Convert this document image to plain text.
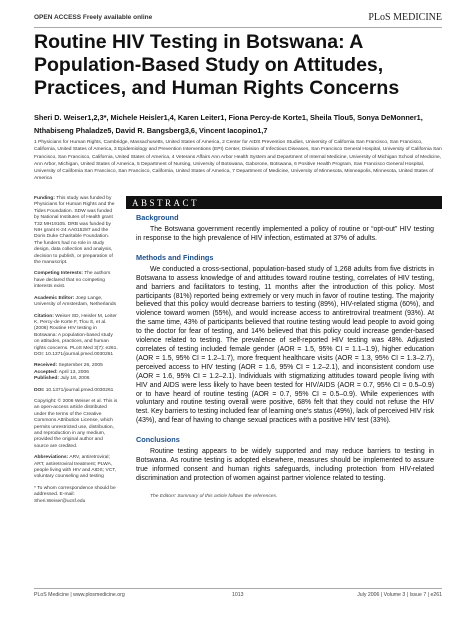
OPEN ACCESS Freely available online	PLoS MEDICINE
Routine HIV Testing in Botswana: A Population-Based Study on Attitudes, Practices, and Human Rights Concerns
Sheri D. Weiser1,2,3*, Michele Heisler1,4, Karen Leiter1, Fiona Percy-de Korte1, Sheila Tlou5, Sonya DeMonner1,
Nthabiseng Phaladze5, David R. Bangsberg3,6, Vincent Iacopino1,7
1 Physicians for Human Rights, Cambridge, Massachusetts, United States of America, 2 Center for AIDS Prevention Studies, University of California San Francisco, San Francisco, California, United States of America, 3 Epidemiology and Prevention Interventions (EPI) Center, Division of Infectious Diseases, San Francisco General Hospital, University of California San Francisco, San Francisco, California, United States of America, 4 Veterans Affairs Ann Arbor Health System and Department of Internal Medicine, University of Michigan School of Medicine, Ann Arbor, Michigan, United States of America, 5 Department of Nursing, University of Botswana, Gaborone, Botswana, 6 Positive Health Program, San Francisco General Hospital, University of California San Francisco, San Francisco, California, United States of America, 7 Department of Medicine, University of Minnesota, Minneapolis, Minnesota, United States of America

Funding: This study was funded by Physicians for Human Rights and the Tides Foundation. SDW was funded by National Institutes of Health grant T32 MH19105. DRB was funded by NIH grant K-24 AA015287 and the Doris Duke Charitable Foundation. The funders had no role in study design, data collection and analysis, decision to publish, or preparation of the manuscript.

Competing Interests: The authors have declared that no competing interests exist.

Academic Editor: Joep Lange, University of Amsterdam, Netherlands

Citation: Weiser SD, Heisler M, Leiter K, Percy-de Korte F, Tlou S, et al. (2006) Routine HIV testing in Botswana: A population-based study on attitudes, practices, and human rights concerns. PLoS Med 3(7): e261. DOI: 10.1371/journal.pmed.0030261

Received: September 26, 2005
Accepted: April 13, 2006
Published: July 18, 2006

DOI: 10.1371/journal.pmed.0030261

Copyright: © 2006 Weiser et al. This is an open-access article distributed under the terms of the Creative Commons Attribution License, which permits unrestricted use, distribution, and reproduction in any medium, provided the original author and source are credited.

Abbreviations: ARV, antiretroviral; ART, antiretroviral treatment; PLWA, people living with HIV and AIDS; VCT, voluntary counseling and testing

* To whom correspondence should be addressed. E-mail: Sheri.Weiser@ucsf.edu

ABSTRACT
Background

The Botswana government recently implemented a policy of routine or “opt-out” HIV testing in response to the high prevalence of HIV infection, estimated at 37% of adults.

Methods and Findings

We conducted a cross-sectional, population-based study of 1,268 adults from five districts in Botswana to assess knowledge of and attitudes toward routine testing, correlates of HIV testing, and barriers and facilitators to testing, 11 months after the introduction of this policy. Most participants (81%) reported being extremely or very much in favor of routine testing. The majority believed that this policy would decrease barriers to testing (89%), HIV-related stigma (60%), and violence toward women (55%), and would increase access to antiretroviral treatment (93%). At the same time, 43% of participants believed that routine testing would lead people to avoid going to the doctor for fear of testing, and 14% believed that this policy could increase gender-based violence related to testing. The prevalence of self-reported HIV testing was 48%. Adjusted correlates of testing included female gender (AOR = 1.5, 95% CI = 1.1–1.9), higher education (AOR = 1.5, 95% CI = 1.2–1.7), more frequent healthcare visits (AOR = 1.3, 95% CI = 1.3–2.7), perceived access to HIV testing (AOR = 1.6, 95% CI = 1.2–2.1), and inconsistent condom use (AOR = 1.6, 95% CI = 1.2–2.1). Individuals with stigmatizing attitudes toward people living with HIV and AIDS were less likely to have been tested for HIV/AIDS (AOR = 0.7, 95% CI = 0.5–0.9) or to have heard of routine testing (AOR = 0.7, 95% CI = 0.5–0.9). While experiences with voluntary and routine testing overall were positive, 68% felt that they could not refuse the HIV test. Key barriers to testing included fear of learning one's status (49%), lack of perceived HIV risk (43%), and fear of having to change sexual practices with a positive HIV test (33%).

Conclusions

Routine testing appears to be widely supported and may reduce barriers to testing in Botswana. As routine testing is adopted elsewhere, measures should be implemented to assure true informed consent and human rights safeguards, including protection from HIV-related discrimination and protection of women against partner violence related to testing.

The Editors' Summary of this article follows the references.
PLoS Medicine | www.plosmedicine.org	1013	July 2006 | Volume 3 | Issue 7 | e261
